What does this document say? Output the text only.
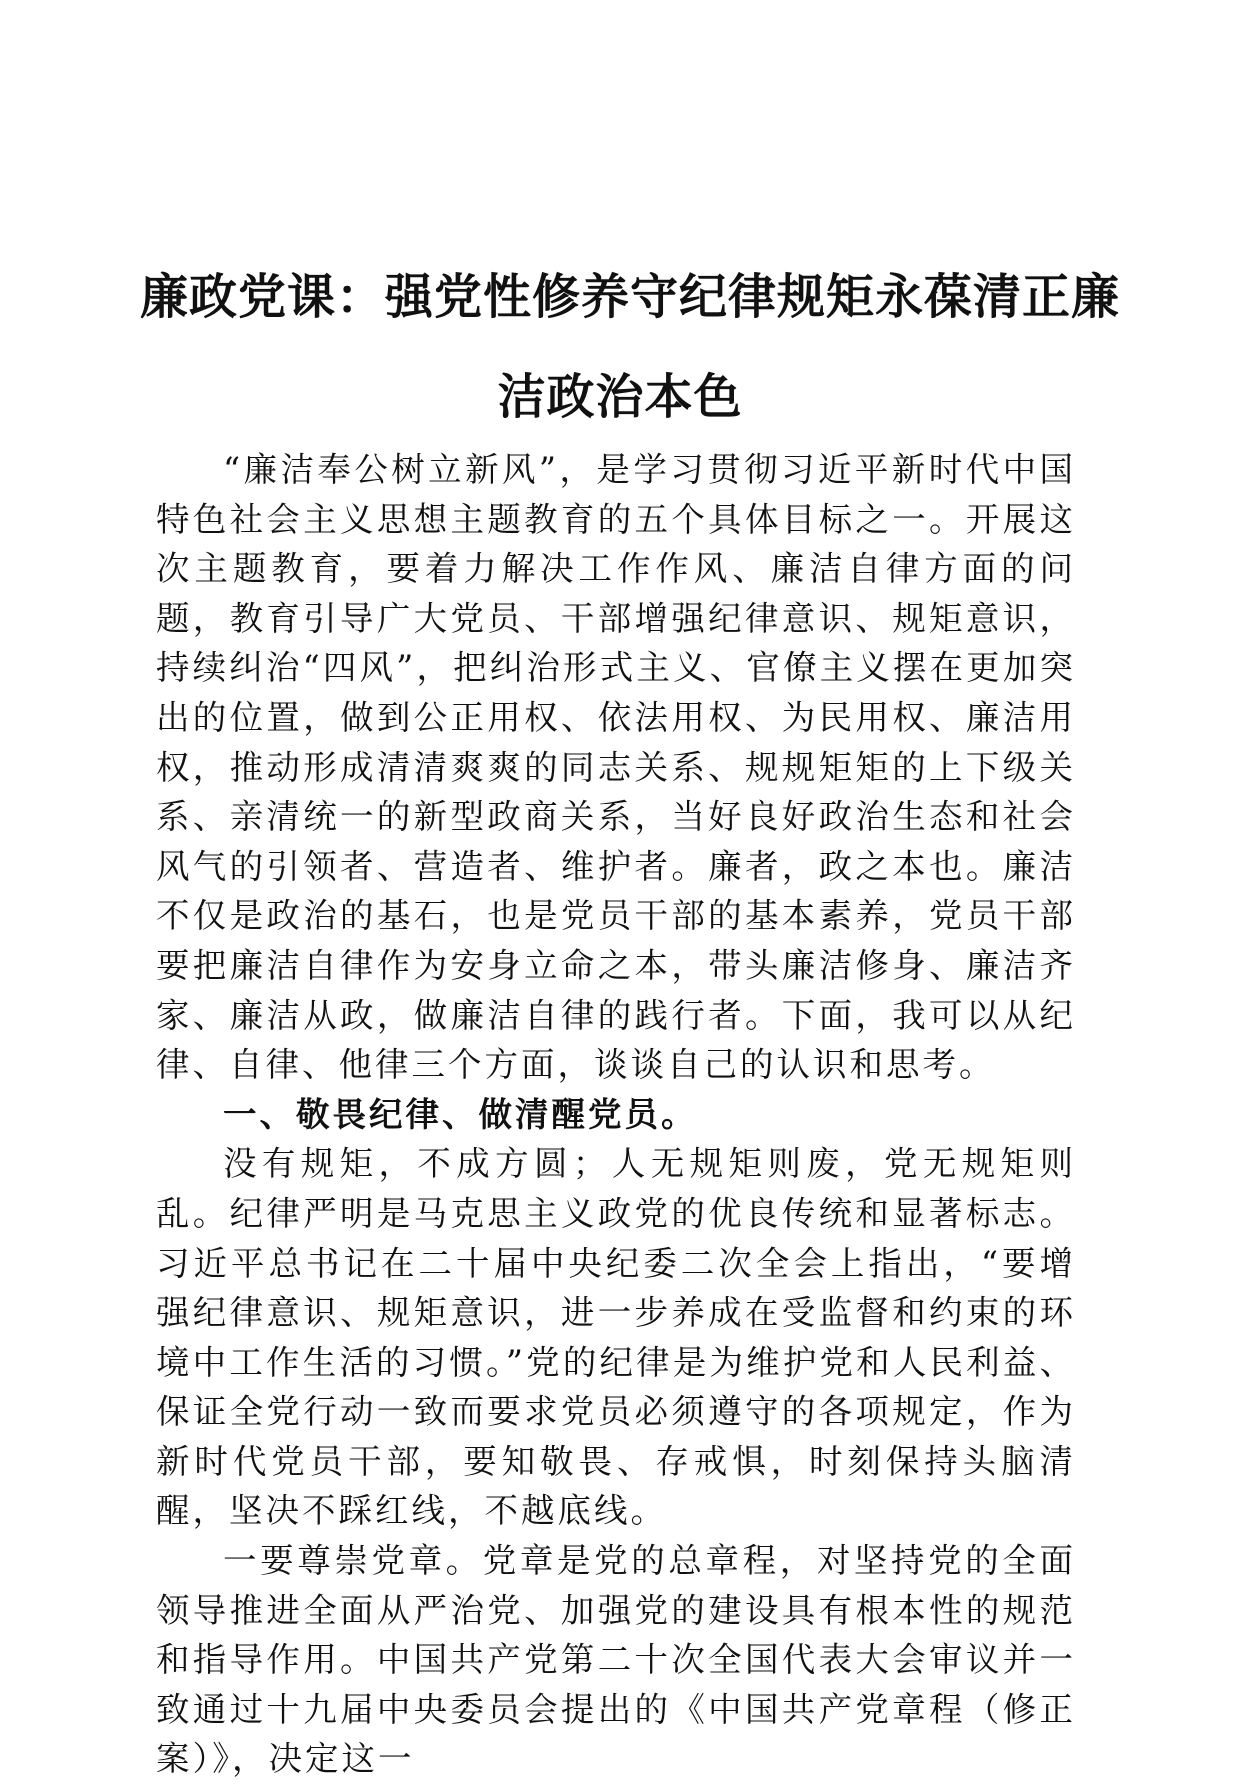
廉政党课：强党性修养守纪律规矩永葆清正廉
洁政治本色

“廉洁奉公树立新风”，是学习贯彻习近平新时代中国特色社会主义思想主题教育的五个具体目标之一。开展这次主题教育，要着力解决工作作风、廉洁自律方面的问题，教育引导广大党员、干部增强纪律意识、规矩意识，持续纠治“四风”，把纠治形式主义、官僚主义摆在更加突出的位置，做到公正用权、依法用权、为民用权、廉洁用权，推动形成清清爽爽的同志关系、规规矩矩的上下级关系、亲清统一的新型政商关系，当好良好政治生态和社会风气的引领者、营造者、维护者。廉者，政之本也。廉洁不仅是政治的基石，也是党员干部的基本素养，党员干部要把廉洁自律作为安身立命之本，带头廉洁修身、廉洁齐家、廉洁从政，做廉洁自律的践行者。下面，我可以从纪律、自律、他律三个方面，谈谈自己的认识和思考。

一、敬畏纪律、做清醒党员。

没有规矩，不成方圆；人无规矩则废，党无规矩则乱。纪律严明是马克思主义政党的优良传统和显著标志。习近平总书记在二十届中央纪委二次全会上指出，“要增强纪律意识、规矩意识，进一步养成在受监督和约束的环境中工作生活的习惯。”党的纪律是为维护党和人民利益、保证全党行动一致而要求党员必须遵守的各项规定，作为新时代党员干部，要知敬畏、存戒惧，时刻保持头脑清醒，坚决不踩红线，不越底线。

一要尊崇党章。党章是党的总章程，对坚持党的全面领导推进全面从严治党、加强党的建设具有根本性的规范和指导作用。中国共产党第二十次全国代表大会审议并一致通过十九届中央委员会提出的《中国共产党章程（修正案）》，决定这一
